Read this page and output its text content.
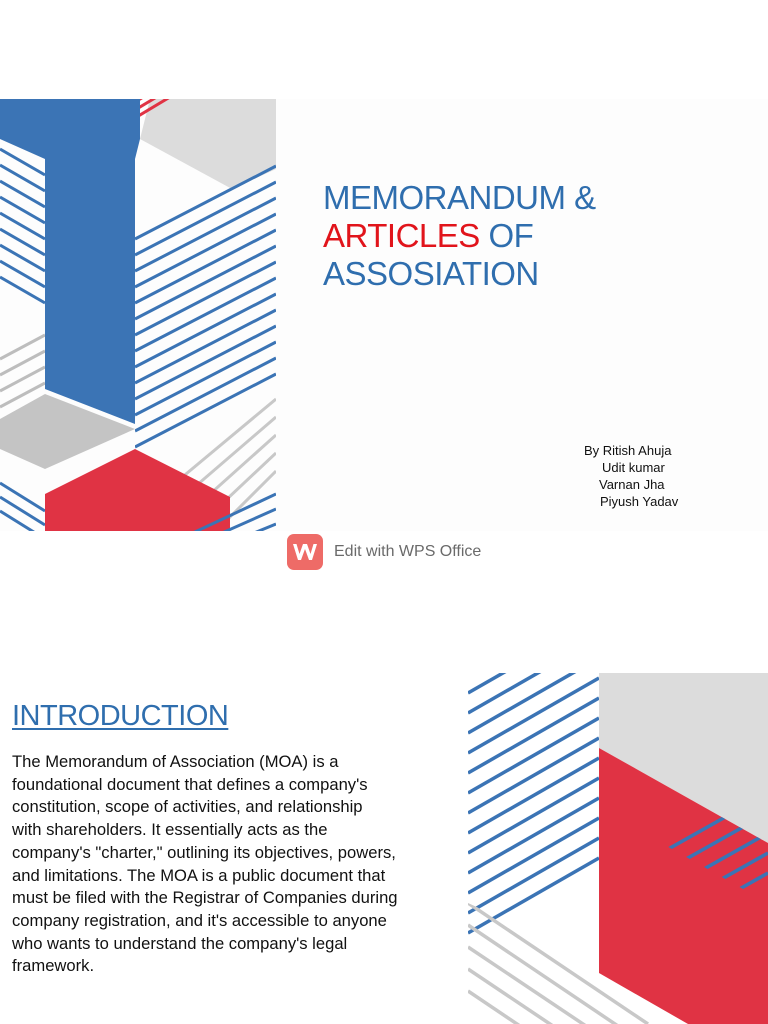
MEMORANDUM &
ARTICLES OF
ASSOSIATION
By Ritish Ahuja
Udit kumar
Varnan Jha
Piyush Yadav
Edit with WPS Office
INTRODUCTION
The Memorandum of Association (MOA) is a
foundational document that defines a company's
constitution, scope of activities, and relationship
with shareholders. It essentially acts as the
company's "charter," outlining its objectives, powers,
and limitations. The MOA is a public document that
must be filed with the Registrar of Companies during
company registration, and it's accessible to anyone
who wants to understand the company's legal
framework.
